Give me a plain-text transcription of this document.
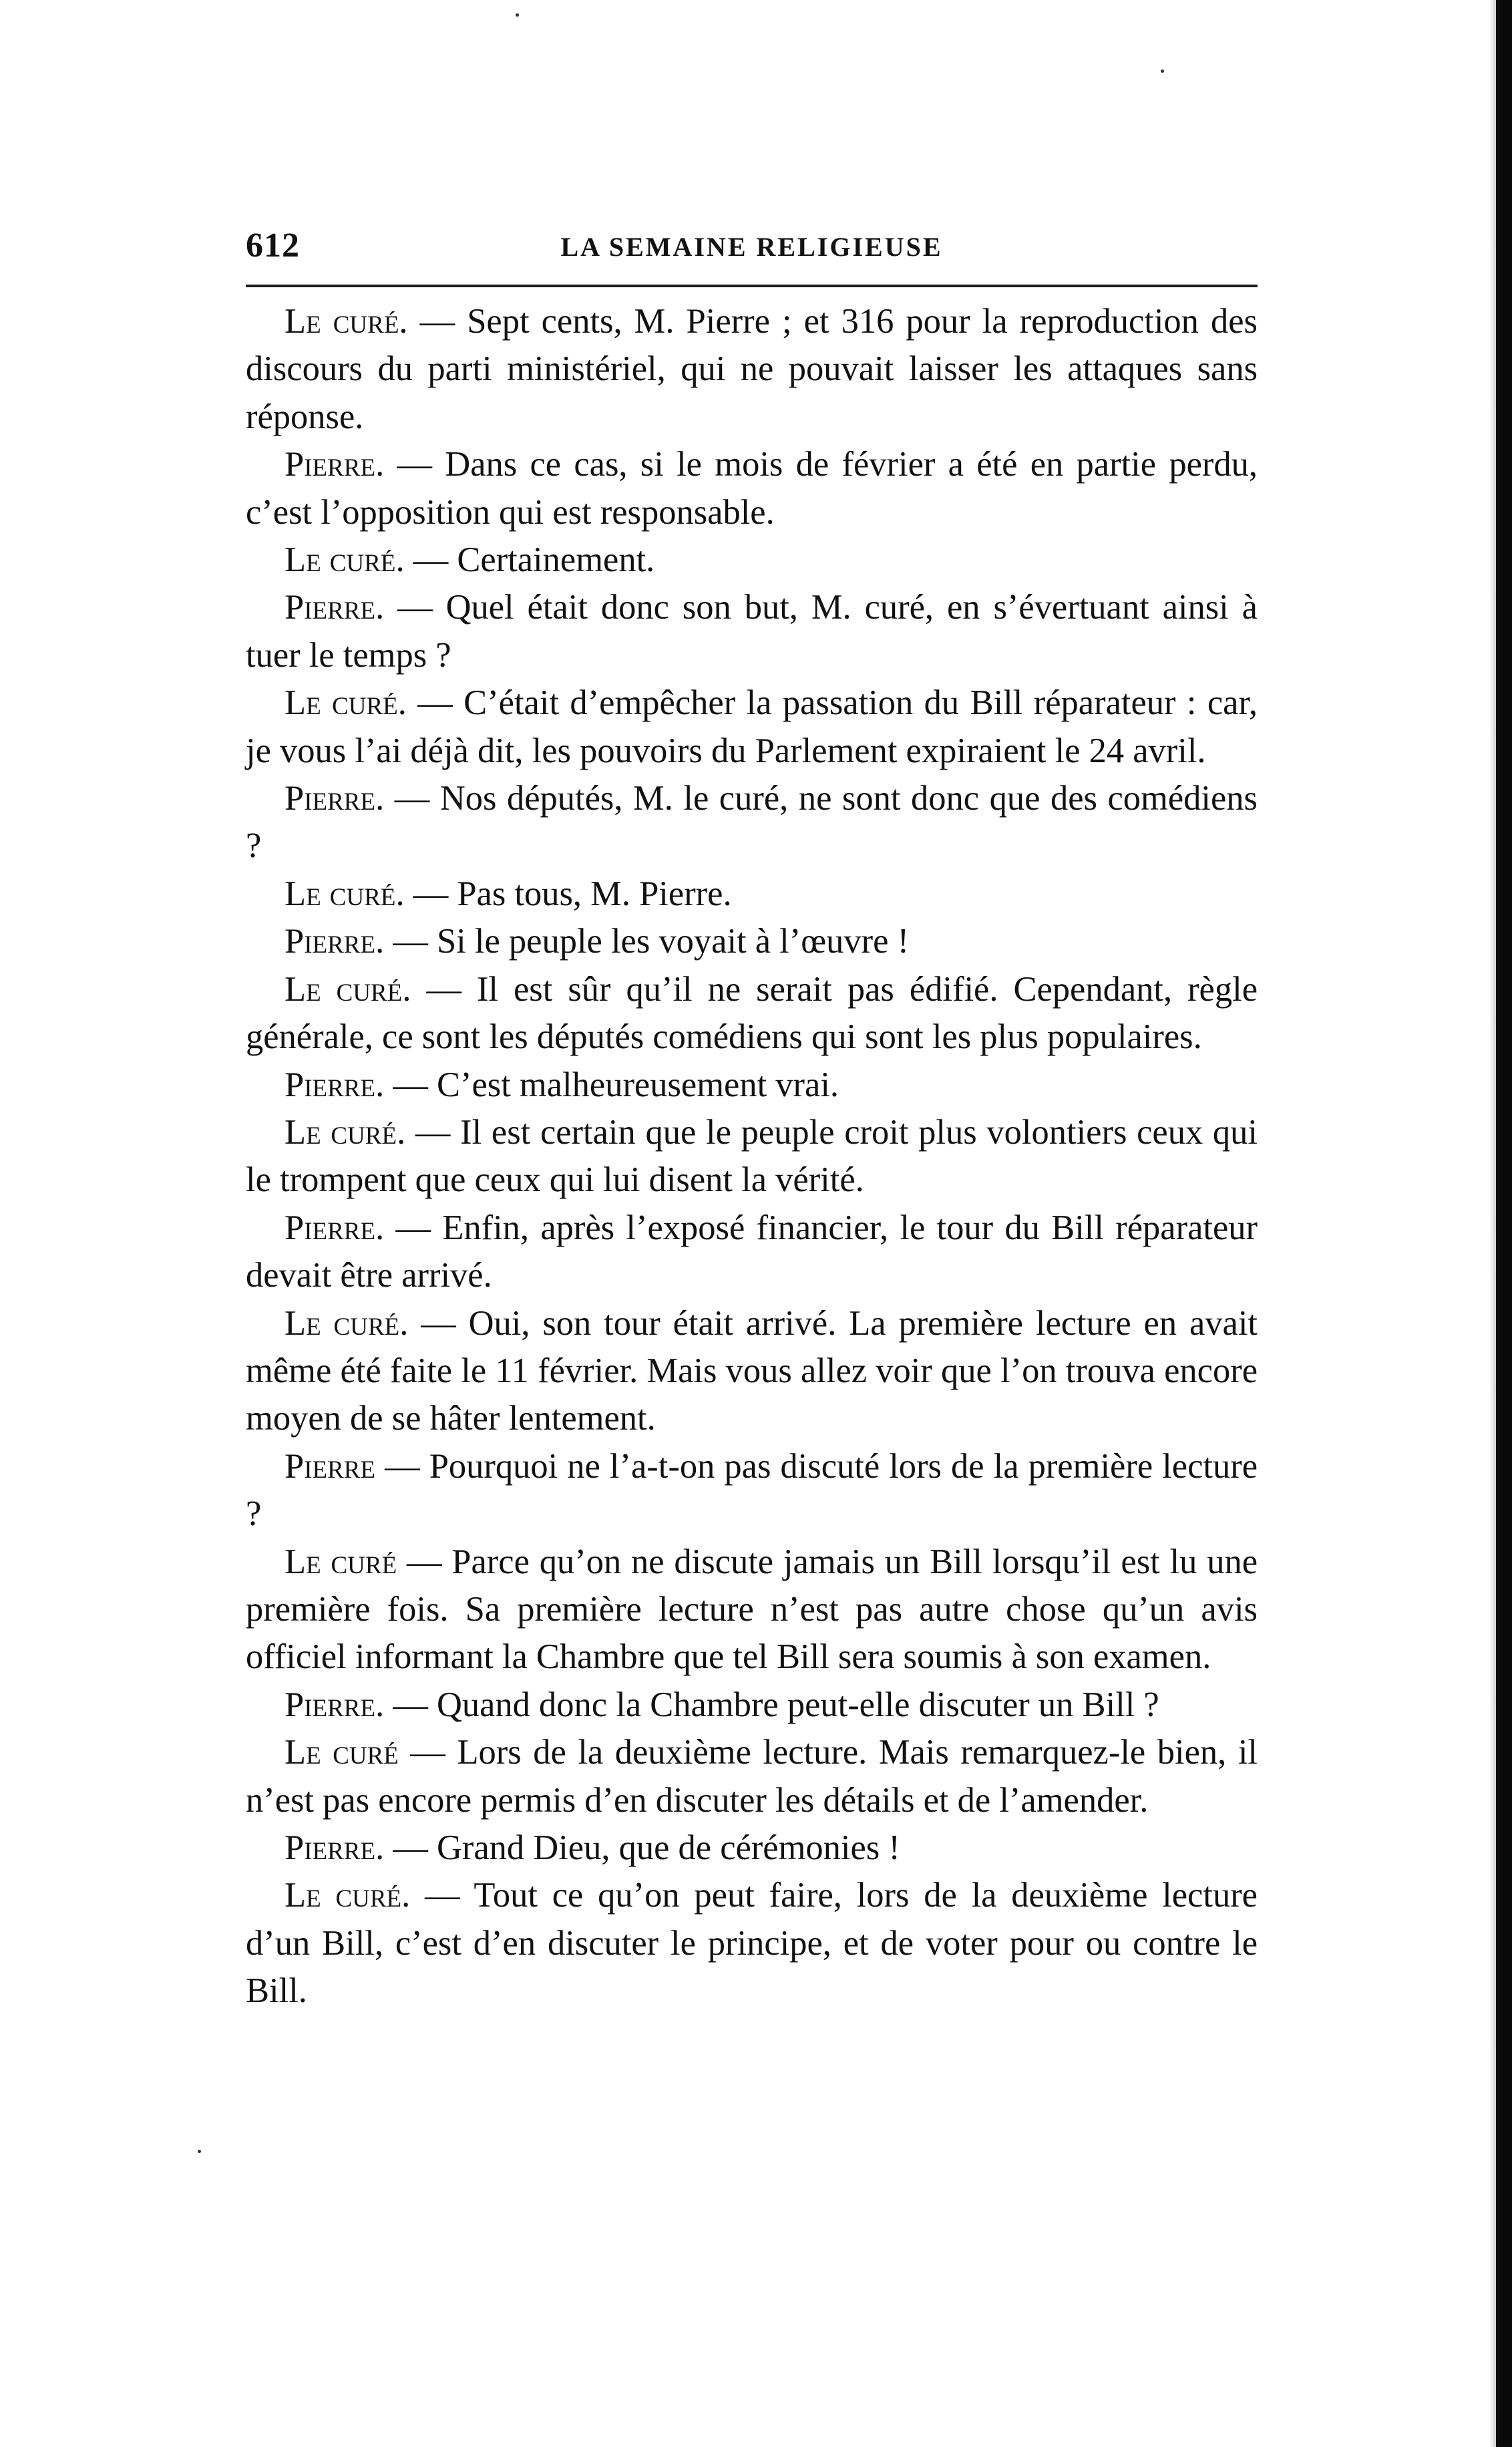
612	LA SEMAINE RELIGIEUSE

Le curé. — Sept cents, M. Pierre ; et 316 pour la reproduction des discours du parti ministériel, qui ne pouvait laisser les attaques sans réponse.

Pierre. — Dans ce cas, si le mois de février a été en partie perdu, c’est l’opposition qui est responsable.

Le curé. — Certainement.

Pierre. — Quel était donc son but, M. curé, en s’évertuant ainsi à tuer le temps ?

Le curé. — C’était d’empêcher la passation du Bill réparateur : car, je vous l’ai déjà dit, les pouvoirs du Parlement expiraient le 24 avril.

Pierre. — Nos députés, M. le curé, ne sont donc que des comédiens ?

Le curé. — Pas tous, M. Pierre.

Pierre. — Si le peuple les voyait à l’œuvre !

Le curé. — Il est sûr qu’il ne serait pas édifié. Cependant, règle générale, ce sont les députés comédiens qui sont les plus populaires.

Pierre. — C’est malheureusement vrai.

Le curé. — Il est certain que le peuple croit plus volontiers ceux qui le trompent que ceux qui lui disent la vérité.

Pierre. — Enfin, après l’exposé financier, le tour du Bill réparateur devait être arrivé.

Le curé. — Oui, son tour était arrivé. La première lecture en avait même été faite le 11 février. Mais vous allez voir que l’on trouva encore moyen de se hâter lentement.

Pierre — Pourquoi ne l’a-t-on pas discuté lors de la première lecture ?

Le curé — Parce qu’on ne discute jamais un Bill lorsqu’il est lu une première fois. Sa première lecture n’est pas autre chose qu’un avis officiel informant la Chambre que tel Bill sera soumis à son examen.

Pierre. — Quand donc la Chambre peut-elle discuter un Bill ?

Le curé — Lors de la deuxième lecture. Mais remarquez-le bien, il n’est pas encore permis d’en discuter les détails et de l’amender.

Pierre. — Grand Dieu, que de cérémonies !

Le curé. — Tout ce qu’on peut faire, lors de la deuxième lecture d’un Bill, c’est d’en discuter le principe, et de voter pour ou contre le Bill.
